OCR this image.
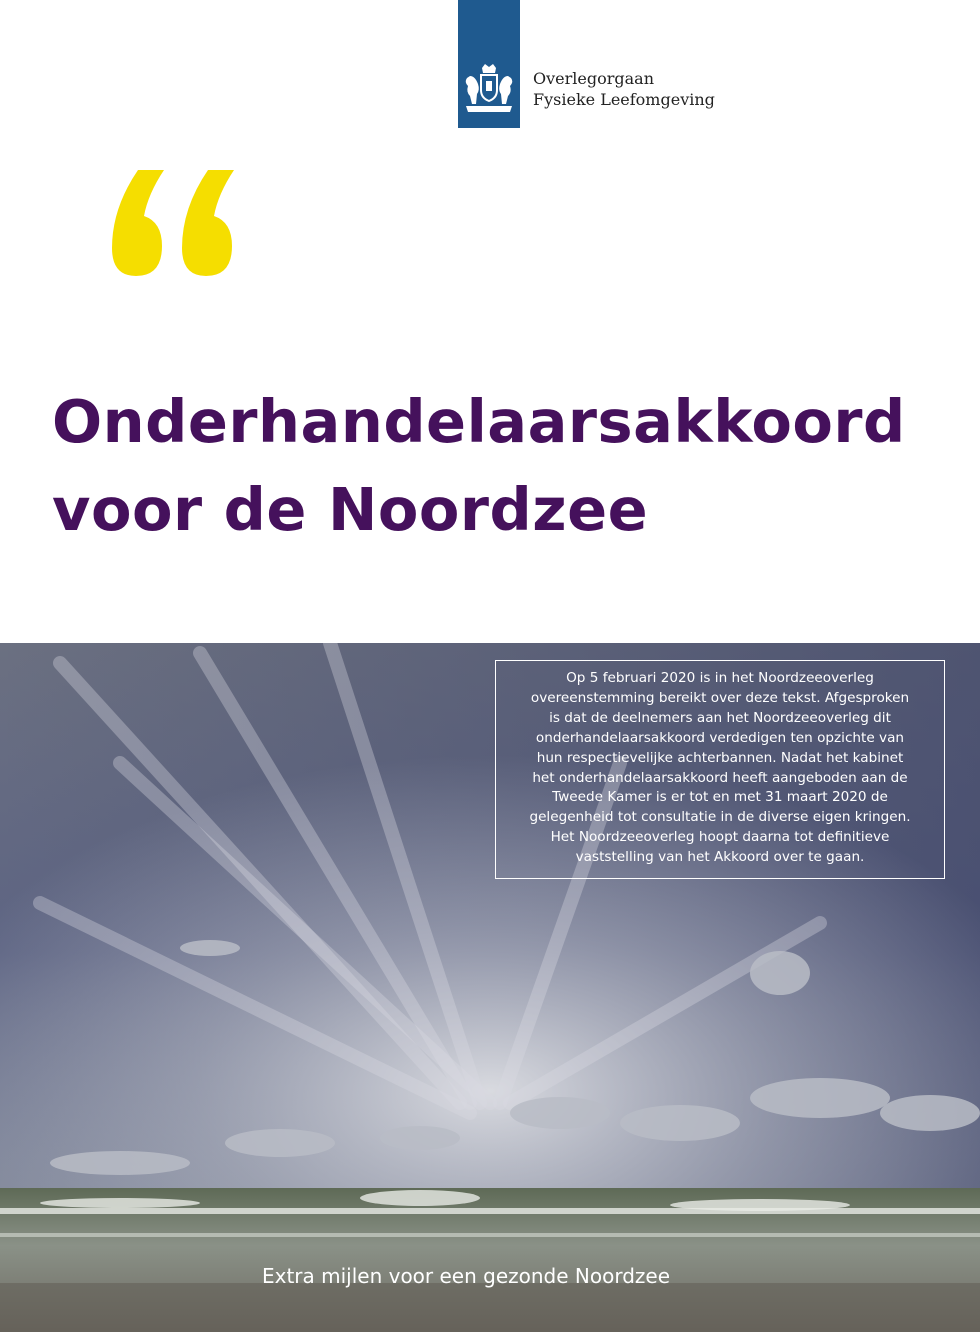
Overlegorgaan
Fysieke Leefomgeving
Onderhandelaarsakkoord
voor de Noordzee
Op 5 februari 2020 is in het Noordzeeoverleg
overeenstemming bereikt over deze tekst. Afgesproken
is dat de deelnemers aan het Noordzeeoverleg dit
onderhandelaarsakkoord verdedigen ten opzichte van
hun respectievelijke achterbannen. Nadat het kabinet
het onderhandelaarsakkoord heeft aangeboden aan de
Tweede Kamer is er tot en met 31 maart 2020 de
gelegenheid tot consultatie in de diverse eigen kringen.
Het Noordzeeoverleg hoopt daarna tot definitieve
vaststelling van het Akkoord over te gaan.
Extra mijlen voor een gezonde Noordzee
